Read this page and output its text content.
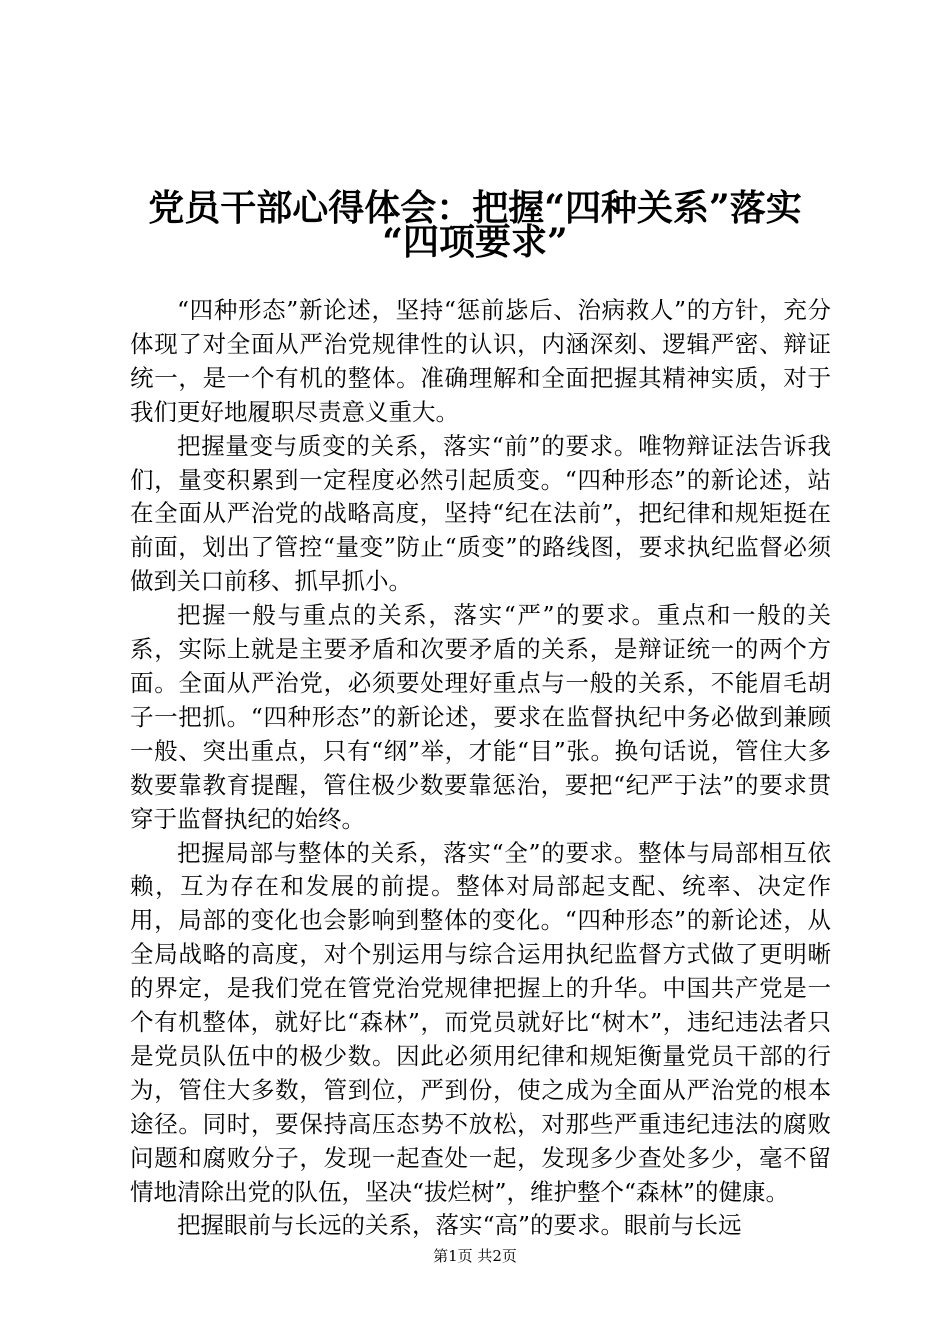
党员干部心得体会：把握“四种关系”落实
“四项要求”

“四种形态”新论述，坚持“惩前毖后、治病救人”的方针，充分体现了对全面从严治党规律性的认识，内涵深刻、逻辑严密、辩证统一，是一个有机的整体。准确理解和全面把握其精神实质，对于我们更好地履职尽责意义重大。

把握量变与质变的关系，落实“前”的要求。唯物辩证法告诉我们，量变积累到一定程度必然引起质变。“四种形态”的新论述，站在全面从严治党的战略高度，坚持“纪在法前”，把纪律和规矩挺在前面，划出了管控“量变”防止“质变”的路线图，要求执纪监督必须做到关口前移、抓早抓小。

把握一般与重点的关系，落实“严”的要求。重点和一般的关系，实际上就是主要矛盾和次要矛盾的关系，是辩证统一的两个方面。全面从严治党，必须要处理好重点与一般的关系，不能眉毛胡子一把抓。“四种形态”的新论述，要求在监督执纪中务必做到兼顾一般、突出重点，只有“纲”举，才能“目”张。换句话说，管住大多数要靠教育提醒，管住极少数要靠惩治，要把“纪严于法”的要求贯穿于监督执纪的始终。

把握局部与整体的关系，落实“全”的要求。整体与局部相互依赖，互为存在和发展的前提。整体对局部起支配、统率、决定作用，局部的变化也会影响到整体的变化。“四种形态”的新论述，从全局战略的高度，对个别运用与综合运用执纪监督方式做了更明晰的界定，是我们党在管党治党规律把握上的升华。中国共产党是一个有机整体，就好比“森林”，而党员就好比“树木”，违纪违法者只是党员队伍中的极少数。因此必须用纪律和规矩衡量党员干部的行为，管住大多数，管到位，严到份，使之成为全面从严治党的根本途径。同时，要保持高压态势不放松，对那些严重违纪违法的腐败问题和腐败分子，发现一起查处一起，发现多少查处多少，毫不留情地清除出党的队伍，坚决“拔烂树”，维护整个“森林”的健康。

把握眼前与长远的关系，落实“高”的要求。眼前与长远

第1页 共2页
